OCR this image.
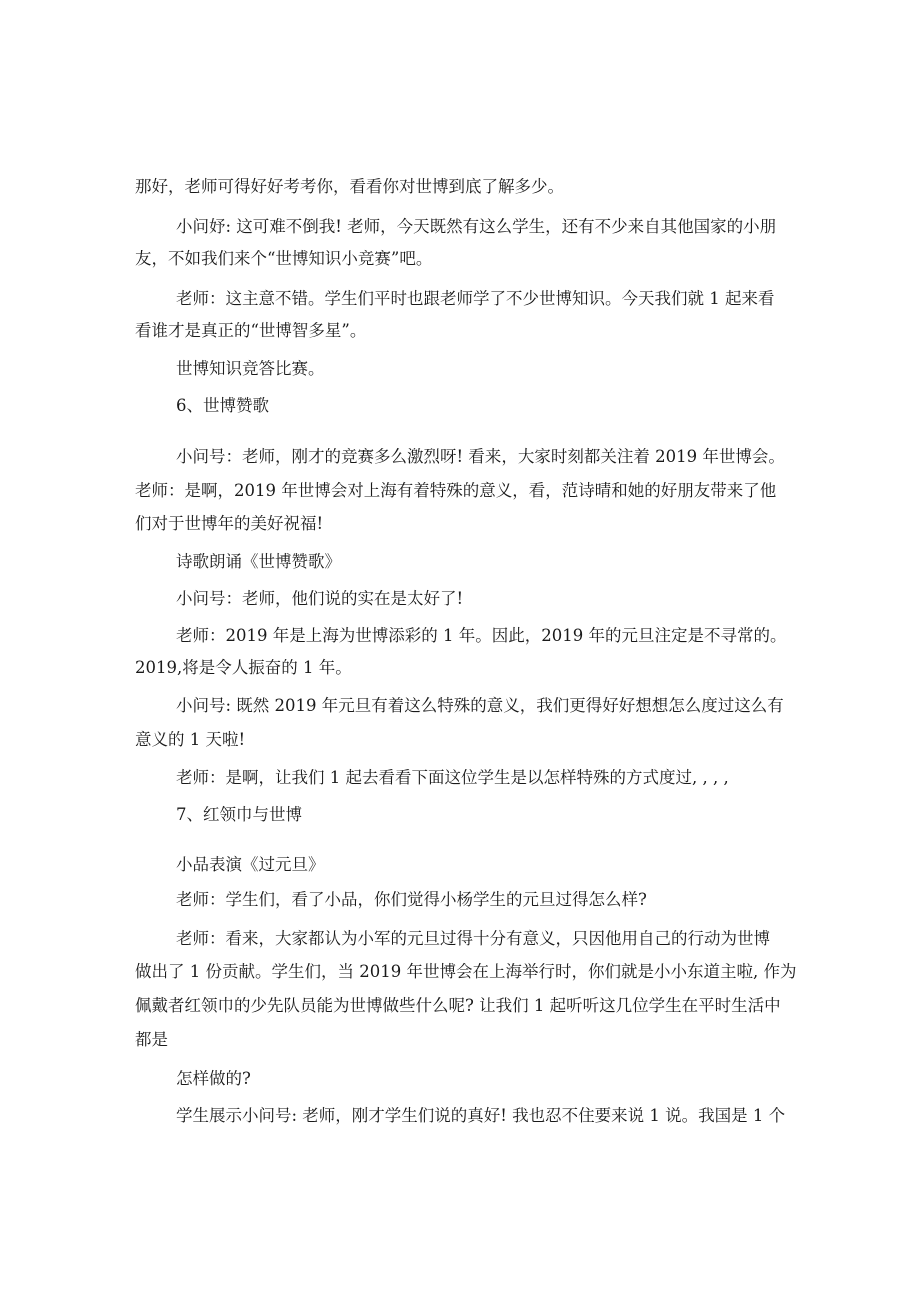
那好，老师可得好好考考你，看看你对世博到底了解多少。

小问妤: 这可难不倒我! 老师，今天既然有这么学生，还有不少来自其他国家的小朋

友，不如我们来个“世博知识小竞赛”吧。

老师：这主意不错。学生们平时也跟老师学了不少世博知识。今天我们就 1 起来看

看谁才是真正的“世博智多星”。

世博知识竞答比赛。

6、世博赞歌

小问号：老师，刚才的竞赛多么激烈呀! 看来，大家时刻都关注着 2019 年世博会。

老师：是啊，2019 年世博会对上海有着特殊的意义，看，范诗晴和她的好朋友带来了他

们对于世博年的美好祝福!

诗歌朗诵《世博赞歌》

小问号：老师，他们说的实在是太好了!

老师：2019 年是上海为世博添彩的 1 年。因此，2019 年的元旦注定是不寻常的。

2019,将是令人振奋的 1 年。

小问号: 既然 2019 年元旦有着这么特殊的意义，我们更得好好想想怎么度过这么有

意义的 1 天啦!

老师：是啊，让我们 1 起去看看下面这位学生是以怎样特殊的方式度过, , , ,

7、红领巾与世博

小品表演《过元旦》

老师：学生们，看了小品，你们觉得小杨学生的元旦过得怎么样?

老师：看来，大家都认为小军的元旦过得十分有意义，只因他用自己的行动为世博

做出了 1 份贡献。学生们，当 2019 年世博会在上海举行时，你们就是小小东道主啦, 作为

佩戴者红领巾的少先队员能为世博做些什么呢? 让我们 1 起听听这几位学生在平时生活中

都是

怎样做的?

学生展示小问号: 老师，刚才学生们说的真好! 我也忍不住要来说 1 说。我国是 1 个
